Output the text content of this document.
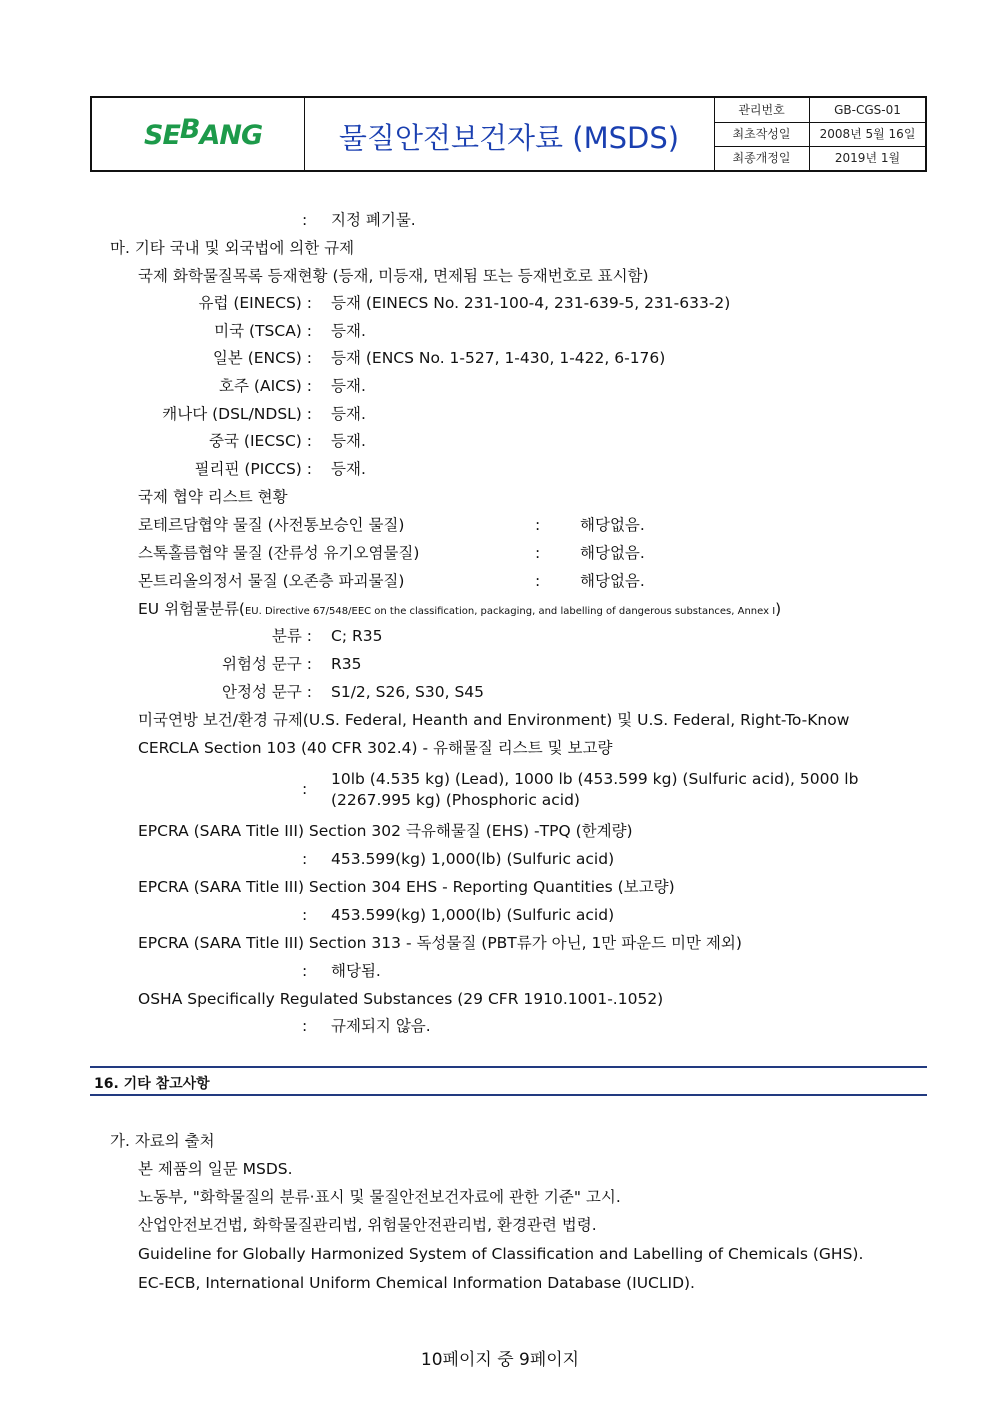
SEBANG	물질안전보건자료 (MSDS)
관리번호	GB-CGS-01
최초작성일	2008년 5월 16일
최종개정일	2019년 1월
: 지정 폐기물.
마. 기타 국내 및 외국법에 의한 규제
국제 화학물질목록 등재현황 (등재, 미등재, 면제됨 또는 등재번호로 표시함)
유럽 (EINECS) : 등재 (EINECS No. 231-100-4, 231-639-5, 231-633-2)
미국 (TSCA) : 등재.
일본 (ENCS) : 등재 (ENCS No. 1-527, 1-430, 1-422, 6-176)
호주 (AICS) : 등재.
캐나다 (DSL/NDSL) : 등재.
중국 (IECSC) : 등재.
필리핀 (PICCS) : 등재.
국제 협약 리스트 현황
로테르담협약 물질 (사전통보승인 물질)	:	해당없음.
스톡홀름협약 물질 (잔류성 유기오염물질)	:	해당없음.
몬트리올의정서 물질 (오존층 파괴물질)	:	해당없음.
EU 위험물분류(EU. Directive 67/548/EEC on the classification, packaging, and labelling of dangerous substances, Annex I)
분류 : C; R35
위험성 문구 : R35
안정성 문구 : S1/2, S26, S30, S45
미국연방 보건/환경 규제(U.S. Federal, Heanth and Environment) 및 U.S. Federal, Right-To-Know
CERCLA Section 103 (40 CFR 302.4) - 유해물질 리스트 및 보고량
:
10lb (4.535 kg) (Lead), 1000 lb (453.599 kg) (Sulfuric acid), 5000 lb
(2267.995 kg) (Phosphoric acid)
EPCRA (SARA Title III) Section 302 극유해물질 (EHS) -TPQ (한계량)
: 453.599(kg) 1,000(lb) (Sulfuric acid)
EPCRA (SARA Title III) Section 304 EHS - Reporting Quantities (보고량)
: 453.599(kg) 1,000(lb) (Sulfuric acid)
EPCRA (SARA Title III) Section 313 - 독성물질 (PBT류가 아닌, 1만 파운드 미만 제외)
: 해당됨.
OSHA Specifically Regulated Substances (29 CFR 1910.1001-.1052)
: 규제되지 않음.
16. 기타 참고사항
가. 자료의 출처
본 제품의 일문 MSDS.
노동부, "화학물질의 분류·표시 및 물질안전보건자료에 관한 기준" 고시.
산업안전보건법, 화학물질관리법, 위험물안전관리법, 환경관련 법령.
Guideline for Globally Harmonized System of Classification and Labelling of Chemicals (GHS).
EC-ECB, International Uniform Chemical Information Database (IUCLID).
10페이지 중 9페이지
